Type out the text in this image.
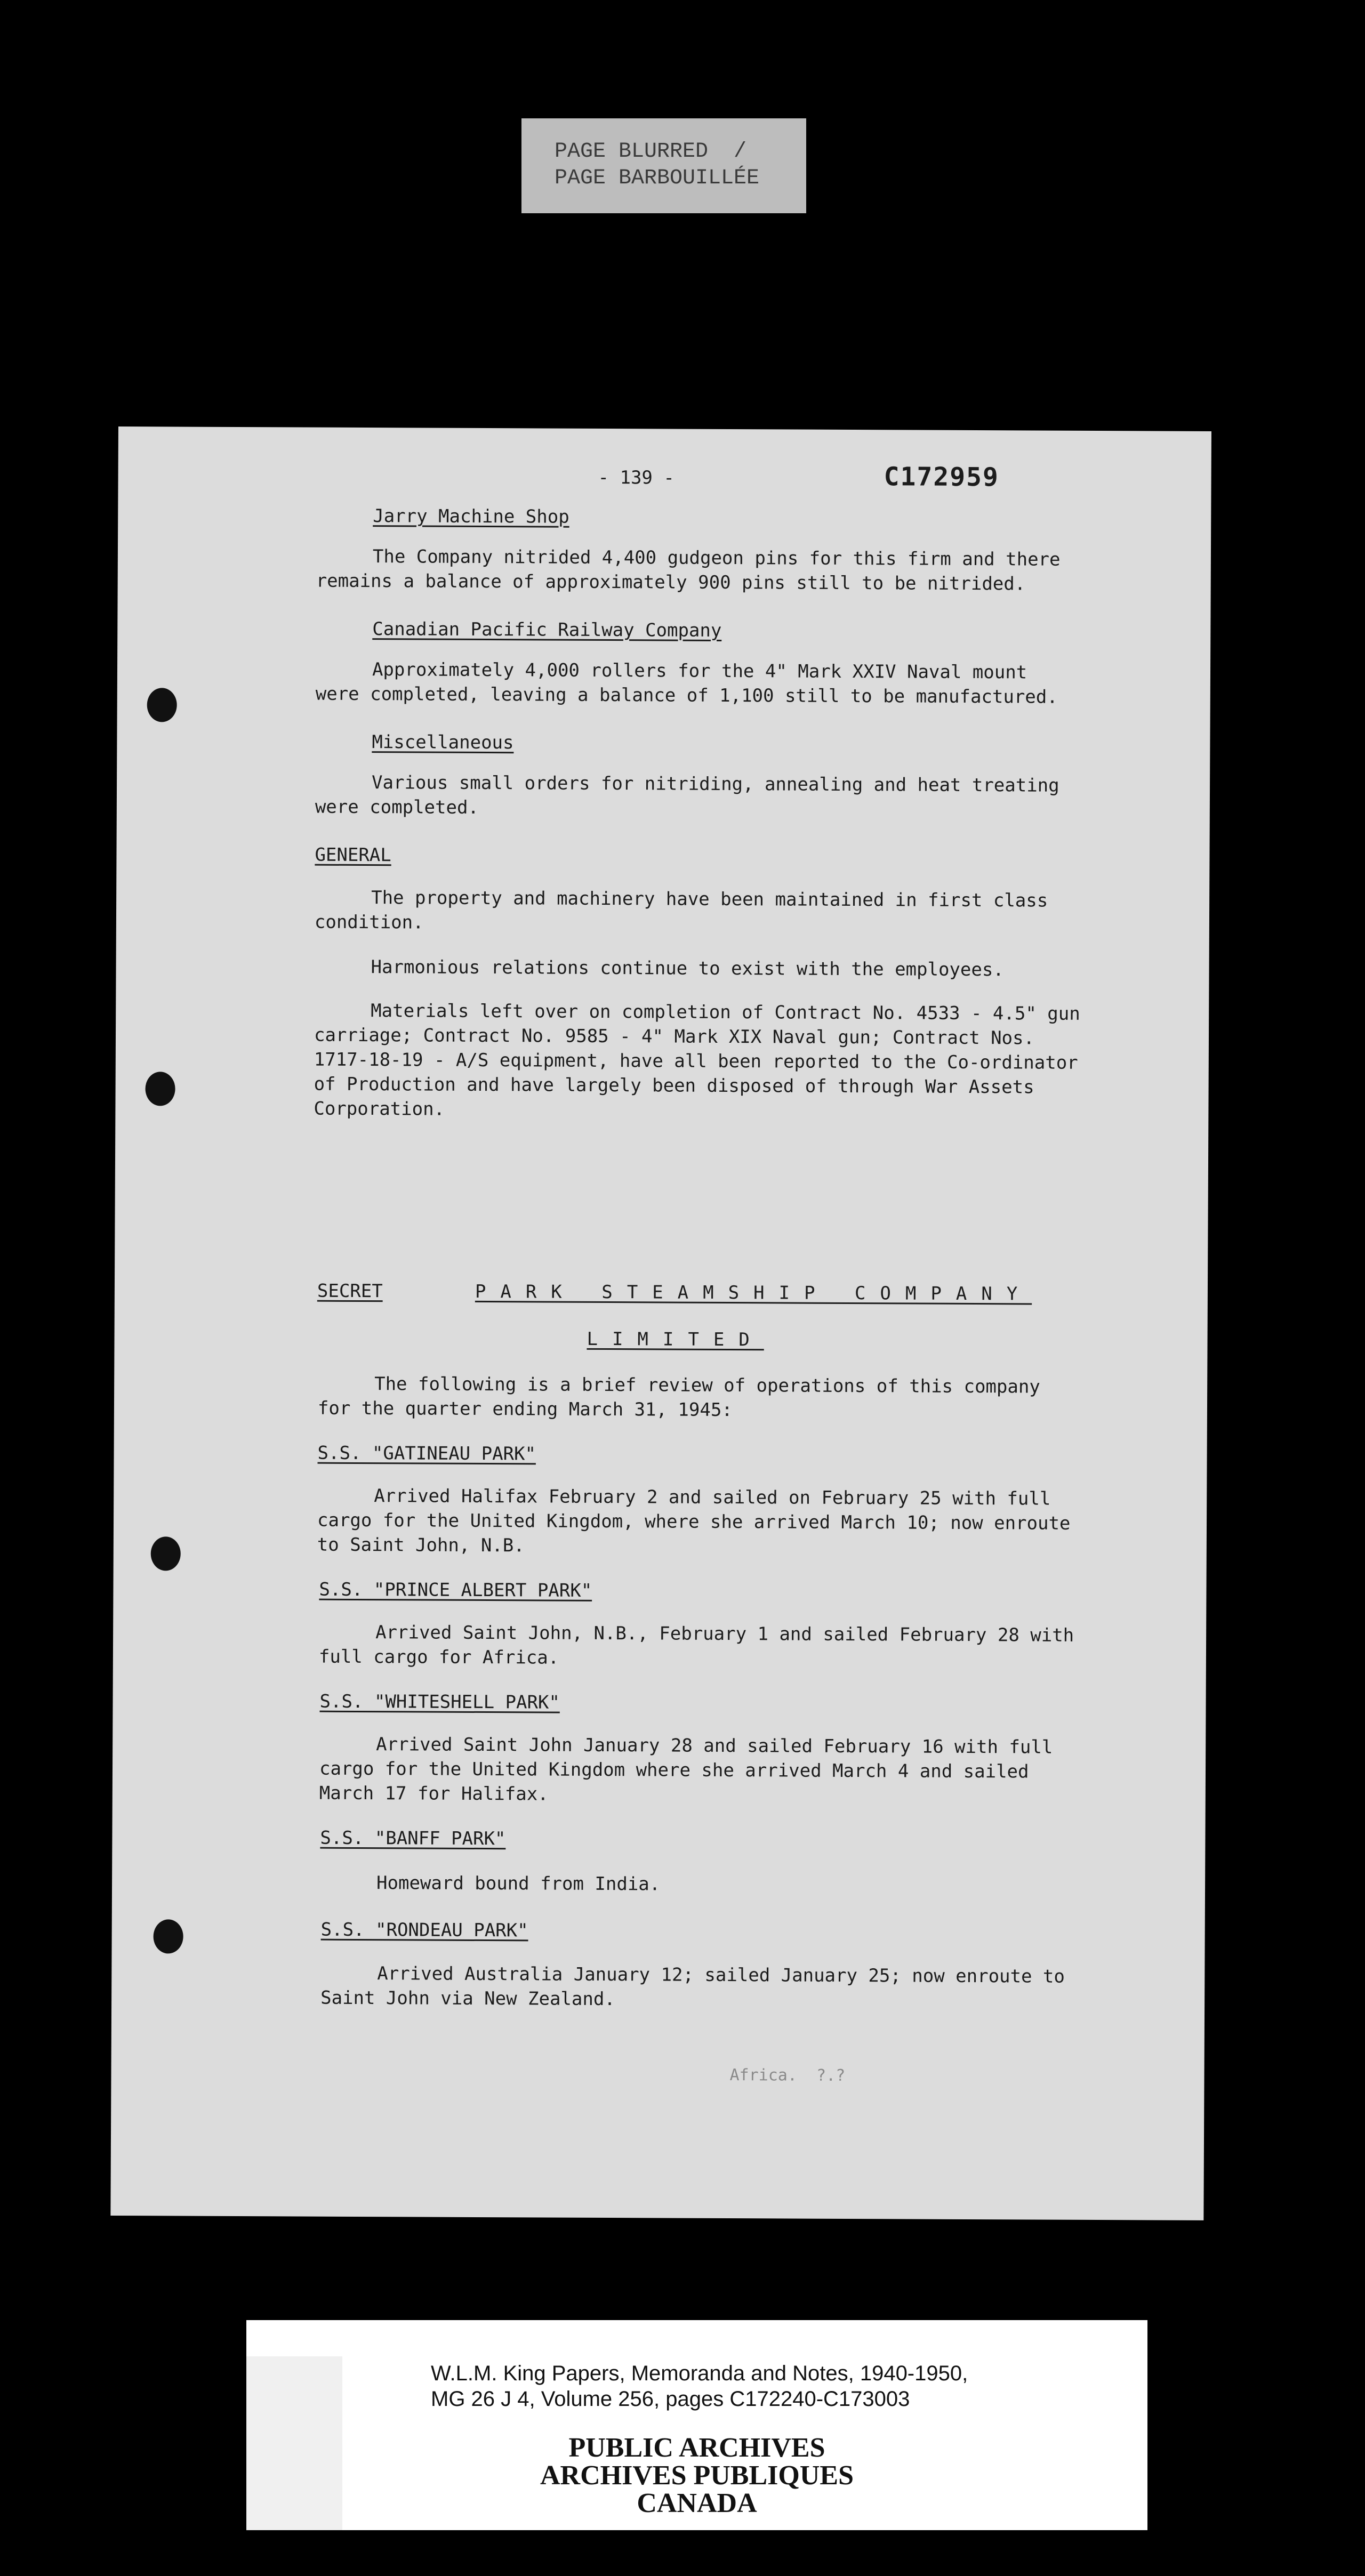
PAGE BLURRED  /
PAGE BARBOUILLÉE
- 139 -	C172959
Jarry Machine Shop
The Company nitrided 4,400 gudgeon pins for this firm and there
remains a balance of approximately 900 pins still to be nitrided.
Canadian Pacific Railway Company
Approximately 4,000 rollers for the 4" Mark XXIV Naval mount
were completed, leaving a balance of 1,100 still to be manufactured.
Miscellaneous
Various small orders for nitriding, annealing and heat treating
were completed.
GENERAL
The property and machinery have been maintained in first class
condition.
Harmonious relations continue to exist with the employees.
Materials left over on completion of Contract No. 4533 - 4.5" gun
carriage; Contract No. 9585 - 4" Mark XIX Naval gun; Contract Nos.
1717-18-19 - A/S equipment, have all been reported to the Co-ordinator
of Production and have largely been disposed of through War Assets
Corporation.
SECRET	PARK STEAMSHIP COMPANY
LIMITED
The following is a brief review of operations of this company
for the quarter ending March 31, 1945:
S.S. "GATINEAU PARK"
Arrived Halifax February 2 and sailed on February 25 with full
cargo for the United Kingdom, where she arrived March 10; now enroute
to Saint John, N.B.
S.S. "PRINCE ALBERT PARK"
Arrived Saint John, N.B., February 1 and sailed February 28 with
full cargo for Africa.
S.S. "WHITESHELL PARK"
Arrived Saint John January 28 and sailed February 16 with full
cargo for the United Kingdom where she arrived March 4 and sailed
March 17 for Halifax.
S.S. "BANFF PARK"
Homeward bound from India.
S.S. "RONDEAU PARK"
Arrived Australia January 12; sailed January 25; now enroute to
Saint John via New Zealand.
Africa.  ?.?
W.L.M. King Papers, Memoranda and Notes, 1940-1950,
MG 26 J 4, Volume 256, pages C172240-C173003
PUBLIC ARCHIVES
ARCHIVES PUBLIQUES
CANADA
